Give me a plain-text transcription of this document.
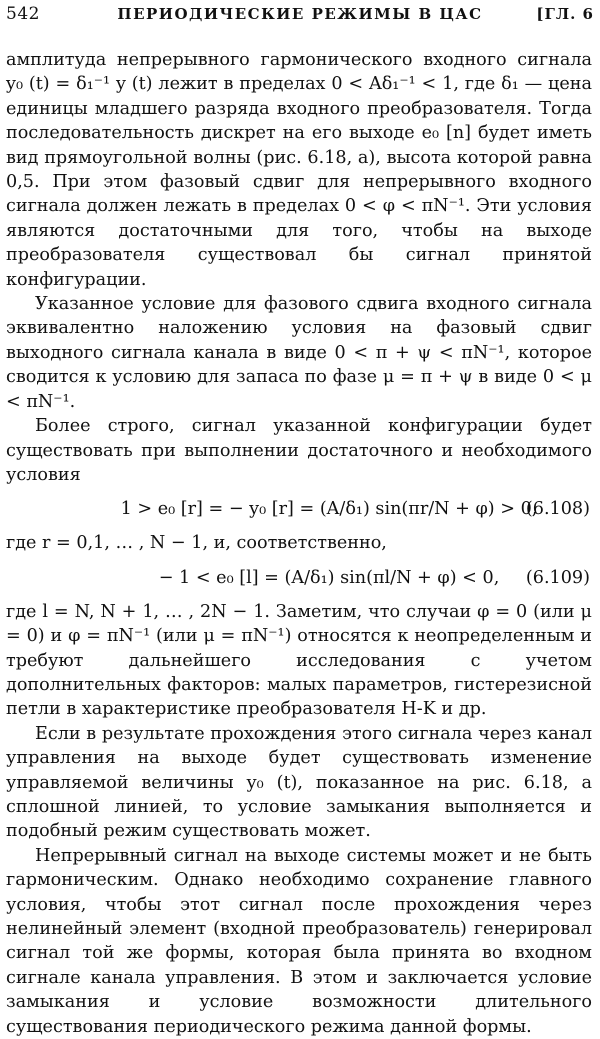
542	ПЕРИОДИЧЕСКИЕ РЕЖИМЫ В ЦАС	[ГЛ. 6

амплитуда непрерывного гармонического входного сигнала y₀ (t) = δ₁⁻¹ y (t) лежит в пределах 0 < Aδ₁⁻¹ < 1, где δ₁ — цена единицы младшего разряда входного преобразователя. Тогда последовательность дискрет на его выходе e₀ [n] будет иметь вид прямоугольной волны (рис. 6.18, а), высота которой равна 0,5. При этом фазовый сдвиг для непрерывного входного сигнала должен лежать в пределах 0 < φ < πN⁻¹. Эти условия являются достаточными для того, чтобы на выходе преобразователя существовал бы сигнал принятой конфигурации.

Указанное условие для фазового сдвига входного сигнала эквивалентно наложению условия на фазовый сдвиг выходного сигнала канала в виде 0 < π + ψ < πN⁻¹, которое сводится к условию для запаса по фазе μ = π + ψ в виде 0 < μ < πN⁻¹.

Более строго, сигнал указанной конфигурации будет существовать при выполнении достаточного и необходимого условия

1 > e₀ [r] = − y₀ [r] = (A/δ₁) sin(πr/N + φ) > 0,
(6.108)

где r = 0,1, … , N − 1, и, соответственно,

− 1 < e₀ [l] = (A/δ₁) sin(πl/N + φ) < 0, (6.109)

где l = N, N + 1, … , 2N − 1. Заметим, что случаи φ = 0 (или μ = 0) и φ = πN⁻¹ (или μ = πN⁻¹) относятся к неопределенным и требуют дальнейшего исследования с учетом дополнительных факторов: малых параметров, гистерезисной петли в характеристике преобразователя H-K и др.

Если в результате прохождения этого сигнала через канал управления на выходе будет существовать изменение управляемой величины y₀ (t), показанное на рис. 6.18, а сплошной линией, то условие замыкания выполняется и подобный режим существовать может.

Непрерывный сигнал на выходе системы может и не быть гармоническим. Однако необходимо сохранение главного условия, чтобы этот сигнал после прохождения через нелинейный элемент (входной преобразователь) генерировал сигнал той же формы, которая была принята во входном сигнале канала управления. В этом и заключается условие замыкания и условие возможности длительного существования периодического режима данной формы.
